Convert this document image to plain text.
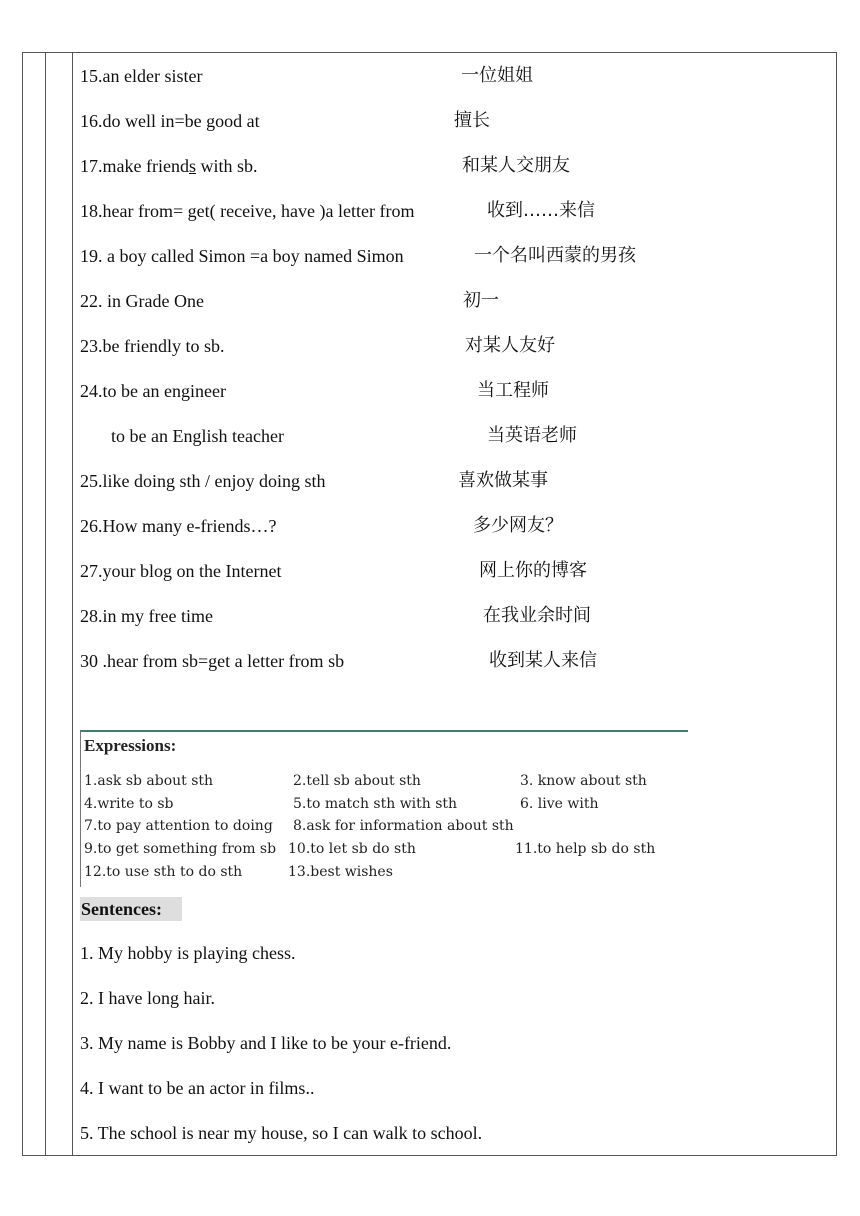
15.an elder sister	一位姐姐
16.do well in=be good at	擅长
17.make friends with sb.	和某人交朋友
18.hear from= get( receive, have )a letter from	收到……来信
19. a boy called Simon =a boy named Simon	一个名叫西蒙的男孩
22. in Grade One	初一
23.be friendly to sb.	对某人友好
24.to be an engineer	当工程师
to be an English teacher	当英语老师
25.like doing sth / enjoy doing sth	喜欢做某事
26.How many e-friends…?	多少网友？
27.your blog on the Internet	网上你的博客
28.in my free time	在我业余时间
30 .hear from sb=get a letter from sb	收到某人来信
Expressions:
1.ask sb about sth	2.tell sb about sth	3. know about sth
4.write to sb	5.to match sth with sth	6. live with
7.to pay attention to doing 8.ask for information about sth
9.to get something from sb 10.to let sb do sth	11.to help sb do sth
12.to use sth to do sth	13.best wishes
Sentences:
1. My hobby is playing chess.
2. I have long hair.
3. My name is Bobby and I like to be your e-friend.
4. I want to be an actor in films..
5. The school is near my house, so I can walk to school.
